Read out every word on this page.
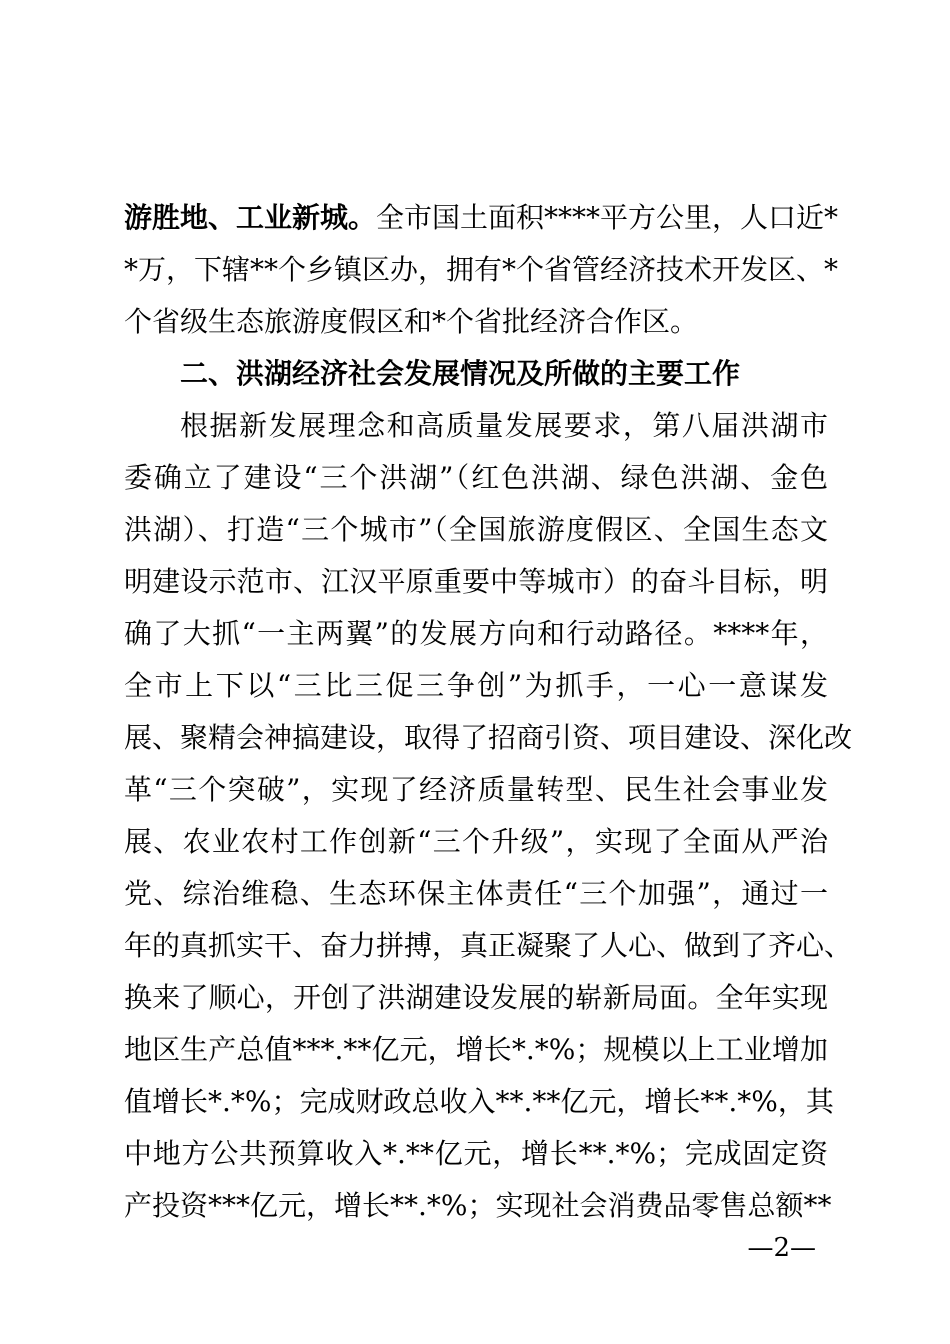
游胜地、工业新城。全市国土面积****平方公里，人口近*
*万，下辖**个乡镇区办，拥有*个省管经济技术开发区、*
个省级生态旅游度假区和*个省批经济合作区。
二、洪湖经济社会发展情况及所做的主要工作
根据新发展理念和高质量发展要求，第八届洪湖市
委确立了建设“三个洪湖”（红色洪湖、绿色洪湖、金色
洪湖）、打造“三个城市”（全国旅游度假区、全国生态文
明建设示范市、江汉平原重要中等城市）的奋斗目标，明
确了大抓“一主两翼”的发展方向和行动路径。****年，
全市上下以“三比三促三争创”为抓手，一心一意谋发
展、聚精会神搞建设，取得了招商引资、项目建设、深化改
革“三个突破”，实现了经济质量转型、民生社会事业发
展、农业农村工作创新“三个升级”，实现了全面从严治
党、综治维稳、生态环保主体责任“三个加强”，通过一
年的真抓实干、奋力拼搏，真正凝聚了人心、做到了齐心、
换来了顺心，开创了洪湖建设发展的崭新局面。全年实现
地区生产总值***.**亿元，增长*.*%；规模以上工业增加
值增长*.*%；完成财政总收入**.**亿元，增长**.*%，其
中地方公共预算收入*.**亿元，增长**.*%；完成固定资
产投资***亿元，增长**.*%；实现社会消费品零售总额**
—2—
